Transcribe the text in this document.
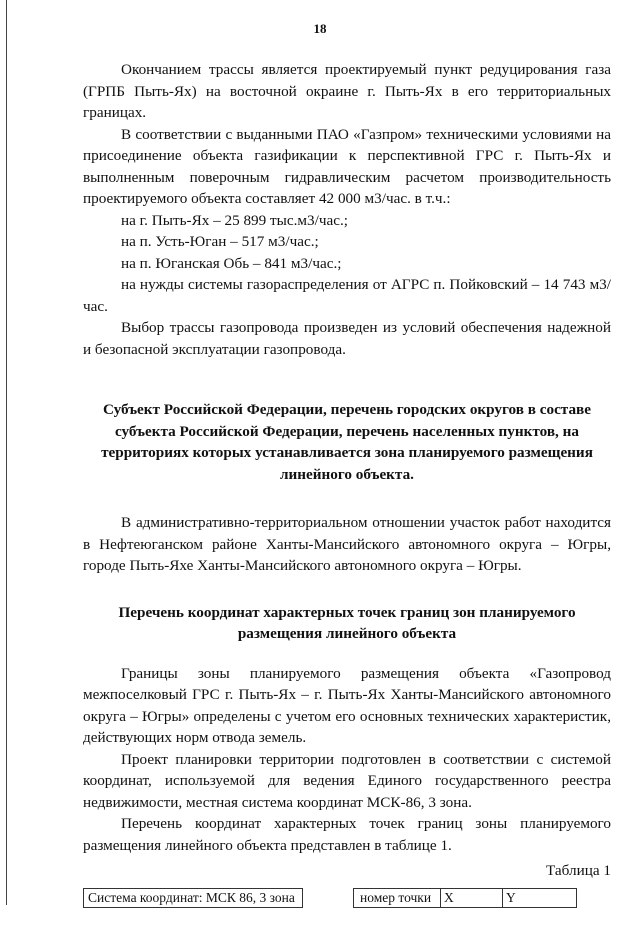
18

Окончанием трассы является проектируемый пункт редуцирования газа (ГРПБ Пыть-Ях) на восточной окраине г. Пыть-Ях в его территориальных границах.

В соответствии с выданными ПАО «Газпром» техническими условиями на присоединение объекта газификации к перспективной ГРС г. Пыть-Ях и выполненным поверочным гидравлическим расчетом производительность проектируемого объекта составляет 42 000 м3/час. в т.ч.:

на г. Пыть-Ях – 25 899 тыс.м3/час.;

на п. Усть-Юган – 517 м3/час.;

на п. Юганская Обь – 841 м3/час.;

на нужды системы газораспределения от АГРС п. Пойковский – 14 743 м3/час.

Выбор трассы газопровода произведен из условий обеспечения надежной и безопасной эксплуатации газопровода.

Субъект Российской Федерации, перечень городских округов в составе субъекта Российской Федерации, перечень населенных пунктов, на территориях которых устанавливается зона планируемого размещения линейного объекта.

В административно-территориальном отношении участок работ находится в Нефтеюганском районе Ханты-Мансийского автономного округа – Югры, городе Пыть-Яхе Ханты-Мансийского автономного округа – Югры.

Перечень координат характерных точек границ зон планируемого размещения линейного объекта

Границы зоны планируемого размещения объекта «Газопровод межпоселковый ГРС г. Пыть-Ях – г. Пыть-Ях Ханты-Мансийского автономного округа – Югры» определены с учетом его основных технических характеристик, действующих норм отвода земель.

Проект планировки территории подготовлен в соответствии с системой координат, используемой для ведения Единого государственного реестра недвижимости, местная система координат МСК-86, 3 зона.

Перечень координат характерных точек границ зоны планируемого размещения линейного объекта представлен в таблице 1.

Таблица 1

Система координат: МСК 86, 3 зона	номер точки X	Y
